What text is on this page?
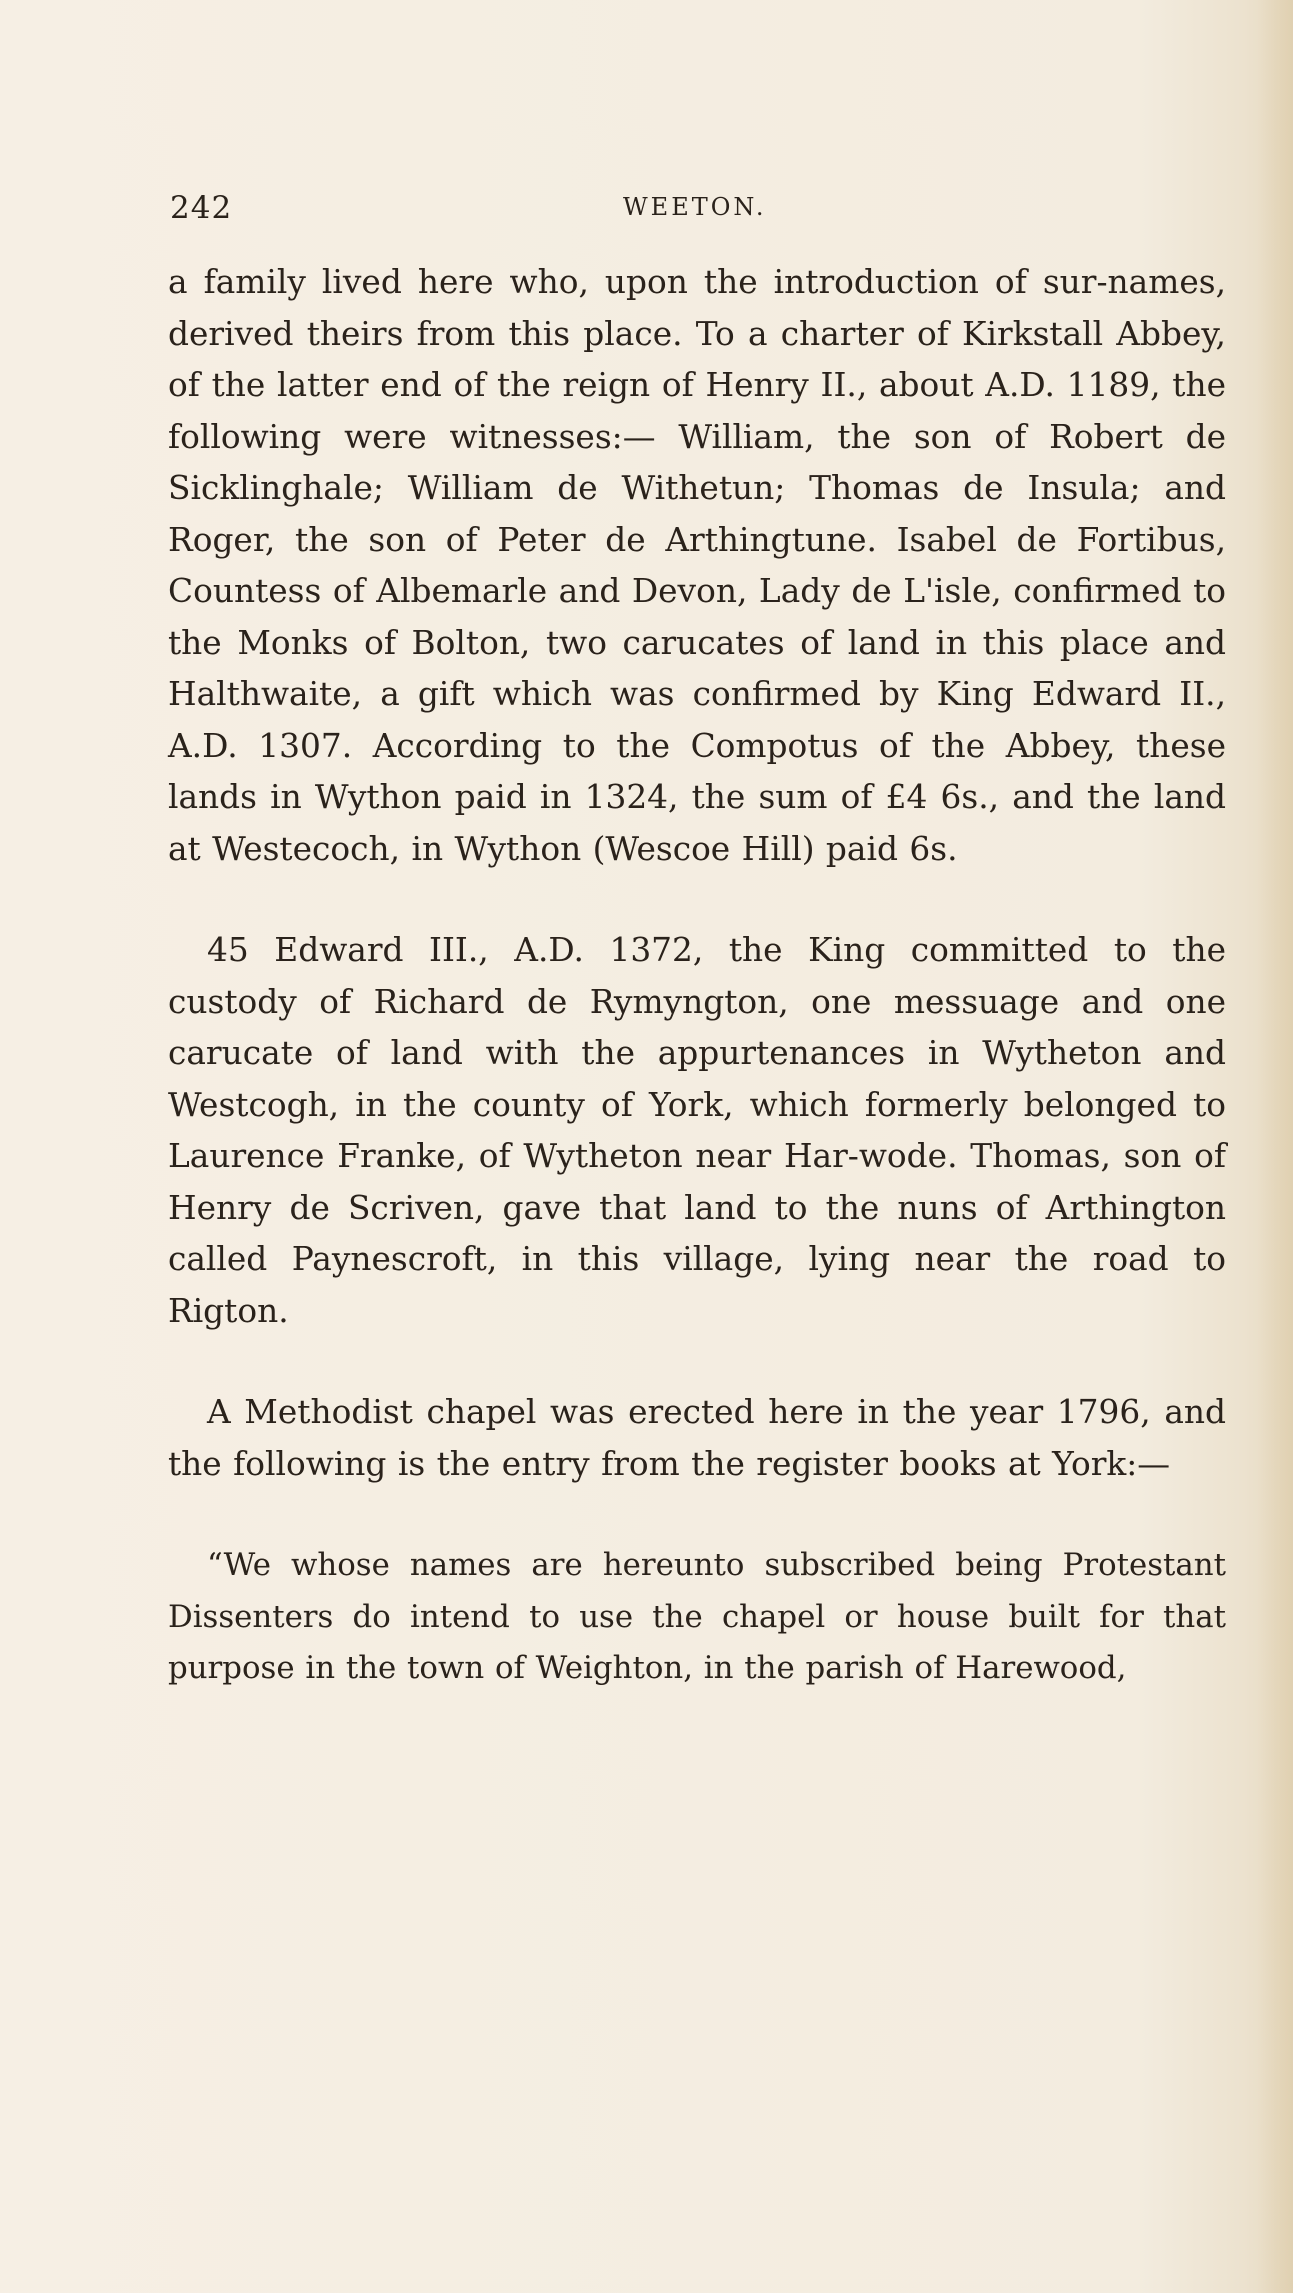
242	WEETON.

a family lived here who, upon the introduction of sur-names, derived theirs from this place. To a charter of Kirkstall Abbey, of the latter end of the reign of Henry II., about A.D. 1189, the following were witnesses:— William, the son of Robert de Sicklinghale; William de Withetun; Thomas de Insula; and Roger, the son of Peter de Arthingtune. Isabel de Fortibus, Countess of Albemarle and Devon, Lady de L'isle, confirmed to the Monks of Bolton, two carucates of land in this place and Halthwaite, a gift which was confirmed by King Edward II., A.D. 1307. According to the Compotus of the Abbey, these lands in Wython paid in 1324, the sum of £4 6s., and the land at Westecoch, in Wython (Wescoe Hill) paid 6s.

45 Edward III., A.D. 1372, the King committed to the custody of Richard de Rymyngton, one messuage and one carucate of land with the appurtenances in Wytheton and Westcogh, in the county of York, which formerly belonged to Laurence Franke, of Wytheton near Har-wode. Thomas, son of Henry de Scriven, gave that land to the nuns of Arthington called Paynescroft, in this village, lying near the road to Rigton.

A Methodist chapel was erected here in the year 1796, and the following is the entry from the register books at York:—

“We whose names are hereunto subscribed being Protestant Dissenters do intend to use the chapel or house built for that purpose in the town of Weighton, in the parish of Harewood,
